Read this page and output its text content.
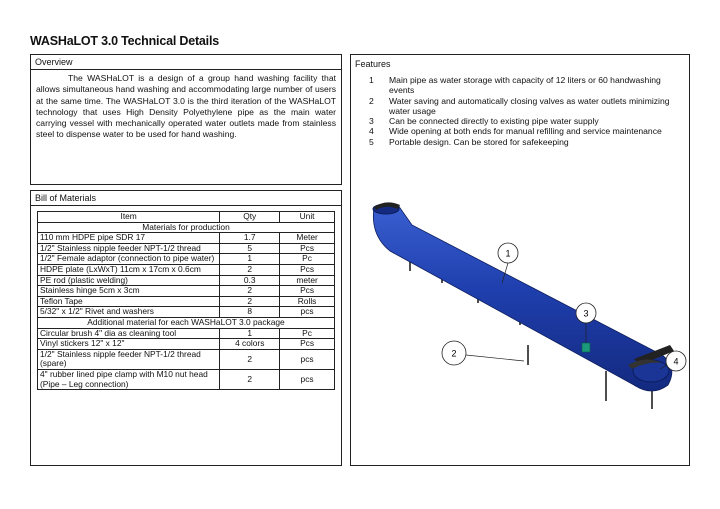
WASHaLOT 3.0 Technical Details
Overview
The WASHaLOT is a design of a group hand washing facility that allows simultaneous hand washing and accommodating large number of users at the same time. The WASHaLOT 3.0 is the third iteration of the WASHaLOT technology that uses High Density Polyethylene pipe as the main water carrying vessel with mechanically operated water outlets made from stainless steel to dispense water to be used for hand washing.
Bill of Materials
Item	Qty	Unit
Materials for production		
110 mm HDPE pipe SDR 17	1.7	Meter
1/2" Stainless nipple feeder NPT-1/2 thread	5	Pcs
1/2" Female adaptor (connection to pipe water)	1	Pc
HDPE plate (LxWxT) 11cm x 17cm x 0.6cm	2	Pcs
PE rod (plastic welding)	0.3	meter
Stainless hinge 5cm x 3cm	2	Pcs
Teflon Tape	2	Rolls
5/32" x 1/2" Rivet and washers	8	pcs
Additional material for each WASHaLOT 3.0 package		
Circular brush 4" dia as cleaning tool	1	Pc
Vinyl stickers 12" x 12"	4 colors	Pcs
1/2" Stainless nipple feeder NPT-1/2 thread (spare)	2	pcs
4" rubber lined pipe clamp with M10 nut head (Pipe – Leg connection)	2	pcs
Features
1 Main pipe as water storage with capacity of 12 liters or 60 handwashing events
2 Water saving and automatically closing valves as water outlets minimizing water usage
3 Can be connected directly to existing pipe water supply
4 Wide opening at both ends for manual refilling and service maintenance
5 Portable design. Can be stored for safekeeping
1
2
3
4
